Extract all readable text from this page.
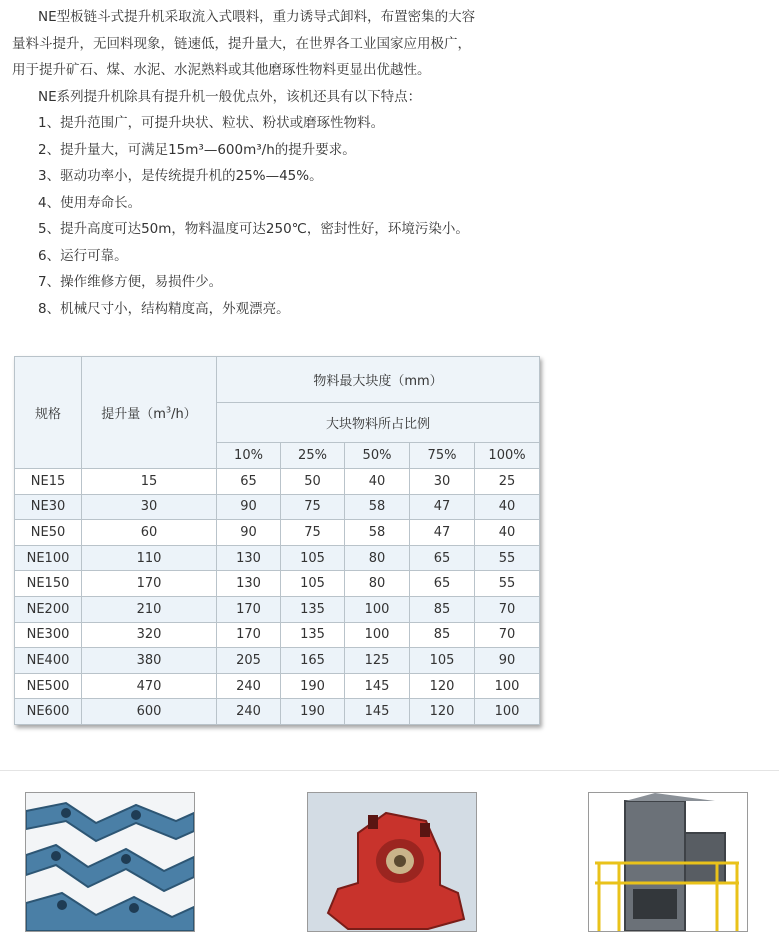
NE型板链斗式提升机采取流入式喂料，重力诱导式卸料，布置密集的大容

量料斗提升，无回料现象，链速低，提升量大，在世界各工业国家应用极广，

用于提升矿石、煤、水泥、水泥熟料或其他磨琢性物料更显出优越性。

NE系列提升机除具有提升机一般优点外，该机还具有以下特点：

1、提升范围广，可提升块状、粒状、粉状或磨琢性物料。

2、提升量大，可满足15m³—600m³/h的提升要求。

3、驱动功率小，是传统提升机的25%—45%。

4、使用寿命长。

5、提升高度可达50m，物料温度可达250℃，密封性好，环境污染小。

6、运行可靠。

7、操作维修方便，易损件少。

8、机械尺寸小，结构精度高，外观漂亮。

规格	提升量$(m^3/h)$	物料最大块度（mm）				
		大块物料所占比例				
		10%	25%	50%	75%	100%
NE15	15	65	50	40	30	25
NE30	30	90	75	58	47	40
NE50	60	90	75	58	47	40
NE100	110	130	105	80	65	55
NE150	170	130	105	80	65	55
NE200	210	170	135	100	85	70
NE300	320	170	135	100	85	70
NE400	380	205	165	125	105	90
NE500	470	240	190	145	120	100
NE600	600	240	190	145	120	100
